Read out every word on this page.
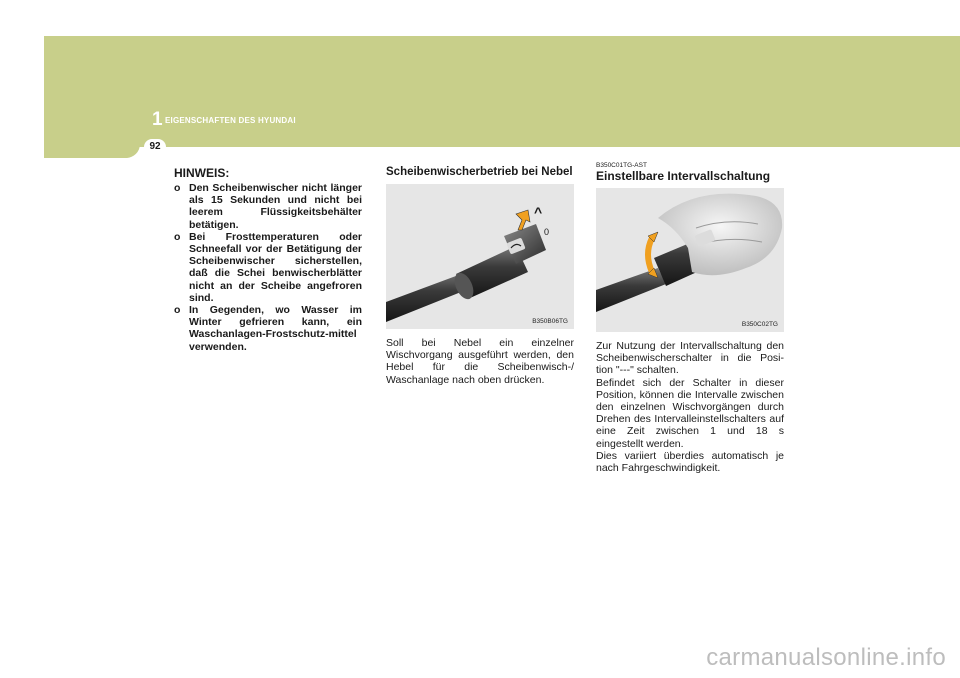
92
1 EIGENSCHAFTEN DES HYUNDAI
HINWEIS:
o Den Scheibenwischer nicht länger als 15 Sekunden und nicht bei leerem Flüssigkeitsbehälter betätigen.
o Bei Frosttemperaturen oder Schneefall vor der Betätigung der Scheibenwischer sicherstellen, daß die Schei benwischerblätter nicht an der Scheibe angefroren sind.
o In Gegenden, wo Wasser im Winter gefrieren kann, ein Waschanlagen-Frostschutz-mittel verwenden.
Scheibenwischerbetrieb bei Nebel
^
0
B350B06TG

Soll bei Nebel ein einzelner Wischvorgang ausgeführt werden, den Hebel für die Scheibenwisch-/ Waschanlage nach oben drücken.

B350C01TG-AST
Einstellbare Intervallschaltung
B350C02TG

Zur Nutzung der Intervallschaltung den Scheibenwischerschalter in die Posi- tion "---" schalten.

Befindet sich der Schalter in dieser Position, können die Intervalle zwischen den einzelnen Wischvorgängen durch Drehen des Intervalleinstellschalters auf eine Zeit zwischen 1 und 18 s eingestellt werden.

Dies variiert überdies automatisch je nach Fahrgeschwindigkeit.

carmanualsonline.info
